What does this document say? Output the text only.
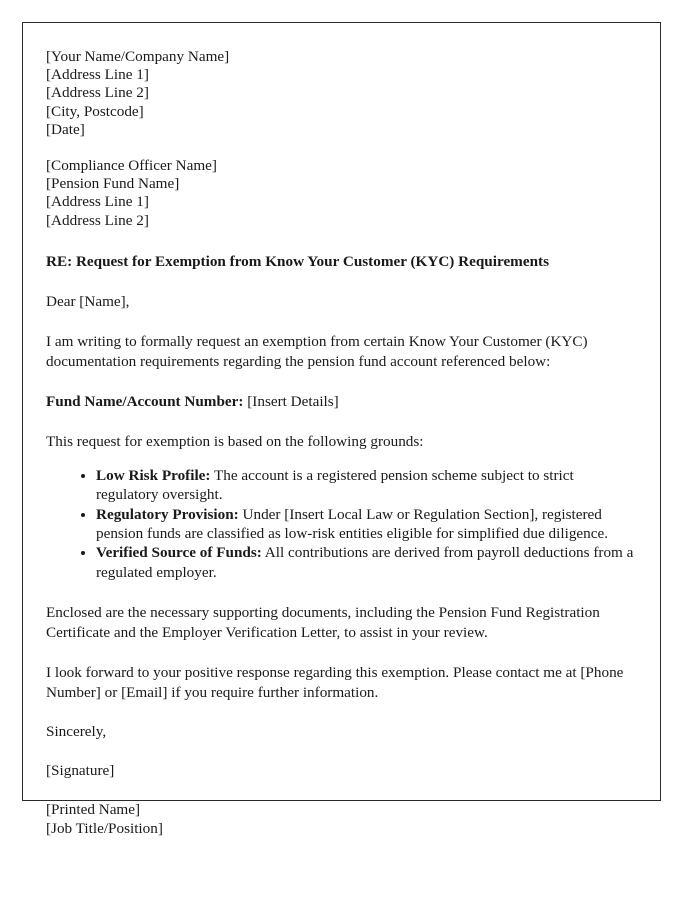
[Your Name/Company Name]
[Address Line 1]
[Address Line 2]
[City, Postcode]
[Date]
[Compliance Officer Name]
[Pension Fund Name]
[Address Line 1]
[Address Line 2]
RE: Request for Exemption from Know Your Customer (KYC) Requirements
Dear [Name],
I am writing to formally request an exemption from certain Know Your Customer (KYC) documentation requirements regarding the pension fund account referenced below:
Fund Name/Account Number: [Insert Details]
This request for exemption is based on the following grounds:
• Low Risk Profile: The account is a registered pension scheme subject to strict regulatory oversight.
• Regulatory Provision: Under [Insert Local Law or Regulation Section], registered pension funds are classified as low-risk entities eligible for simplified due diligence.
• Verified Source of Funds: All contributions are derived from payroll deductions from a regulated employer.
Enclosed are the necessary supporting documents, including the Pension Fund Registration Certificate and the Employer Verification Letter, to assist in your review.
I look forward to your positive response regarding this exemption. Please contact me at [Phone Number] or [Email] if you require further information.
Sincerely,
[Signature]
[Printed Name]
[Job Title/Position]
